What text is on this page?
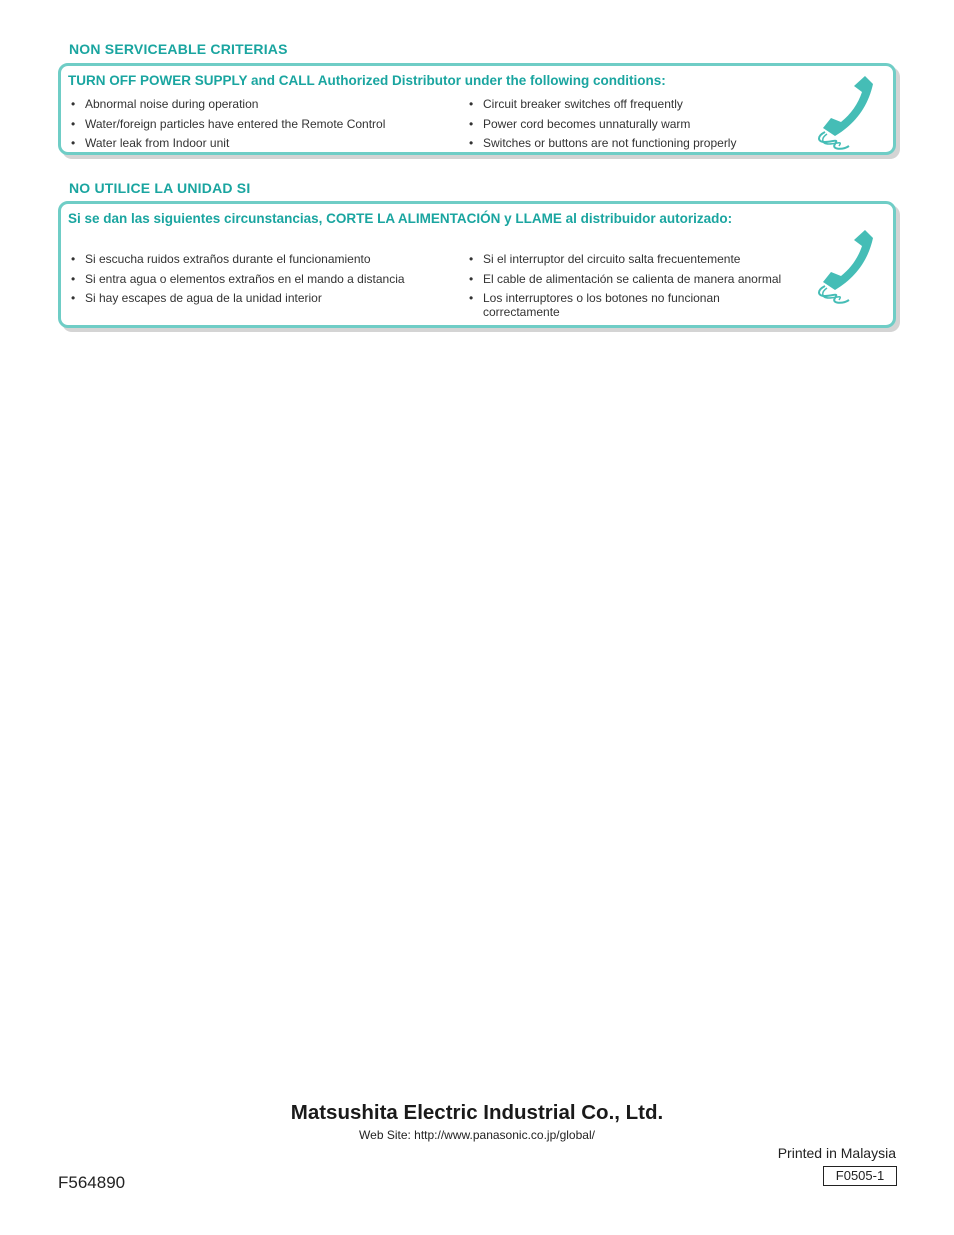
NON SERVICEABLE CRITERIAS
TURN OFF POWER SUPPLY and CALL Authorized Distributor under the following conditions:
• Abnormal noise during operation
• Water/foreign particles have entered the Remote Control
• Water leak from Indoor unit
• Circuit breaker switches off frequently
• Power cord becomes unnaturally warm
• Switches or buttons are not functioning properly
NO UTILICE LA UNIDAD SI
Si se dan las siguientes circunstancias, CORTE LA ALIMENTACIÓN y LLAME al distribuidor autorizado:
• Si escucha ruidos extraños durante el funcionamiento
• Si entra agua o elementos extraños en el mando a distancia
• Si hay escapes de agua de la unidad interior
• Si el interruptor del circuito salta frecuentemente
• El cable de alimentación se calienta de manera anormal
• Los interruptores o los botones no funcionan correctamente
Matsushita Electric Industrial Co., Ltd.
Web Site: http://www.panasonic.co.jp/global/
Printed in Malaysia
F0505-1
F564890
